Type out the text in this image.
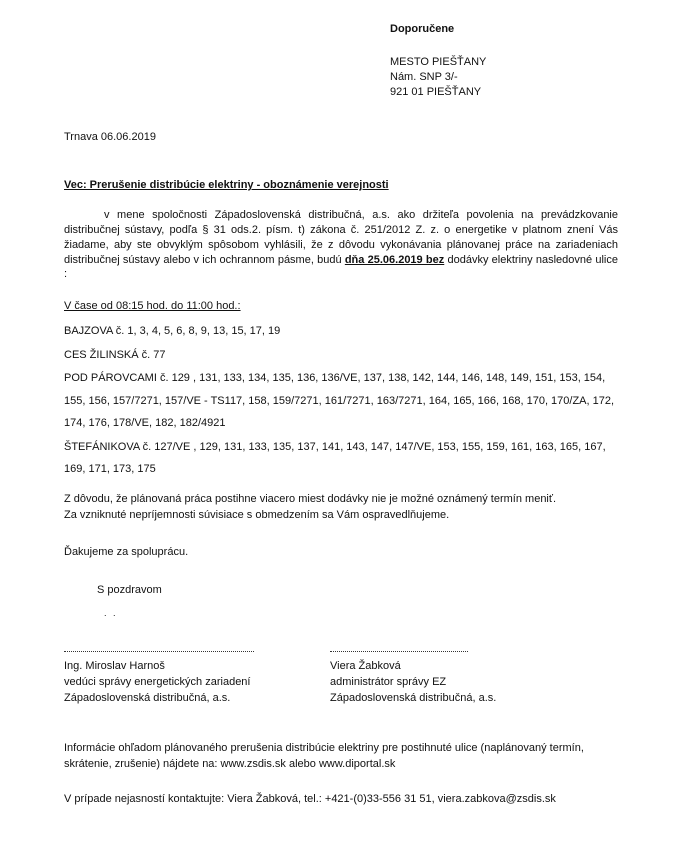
Doporučene
MESTO PIEŠŤANY
Nám. SNP 3/-
921 01 PIEŠŤANY
Trnava 06.06.2019
Vec: Prerušenie distribúcie elektriny - oboznámenie verejnosti
v mene spoločnosti Západoslovenská distribučná, a.s. ako držiteľa povolenia na prevádzkovanie distribučnej sústavy, podľa § 31 ods.2. písm. t) zákona č. 251/2012 Z. z. o energetike v platnom znení Vás žiadame, aby ste obvyklým spôsobom vyhlásili, že z dôvodu vykonávania plánovanej práce na zariadeniach distribučnej sústavy alebo v ich ochrannom pásme, budú dňa 25.06.2019 bez dodávky elektriny nasledovné ulice :
V čase od 08:15 hod. do 11:00 hod.:
BAJZOVA č. 1, 3, 4, 5, 6, 8, 9, 13, 15, 17, 19
CES ŽILINSKÁ č. 77
POD PÁROVCAMI č. 129 , 131, 133, 134, 135, 136, 136/VE, 137, 138, 142, 144, 146, 148, 149, 151, 153, 154, 155, 156, 157/7271, 157/VE - TS117, 158, 159/7271, 161/7271, 163/7271, 164, 165, 166, 168, 170, 170/ZA, 172, 174, 176, 178/VE, 182, 182/4921
ŠTEFÁNIKOVA č. 127/VE , 129, 131, 133, 135, 137, 141, 143, 147, 147/VE, 153, 155, 159, 161, 163, 165, 167, 169, 171, 173, 175
Z dôvodu, že plánovaná práca postihne viacero miest dodávky nie je možné oznámený termín meniť.
Za vzniknuté nepríjemnosti súvisiace s obmedzením sa Vám ospravedlňujeme.
Ďakujeme za spoluprácu.
S pozdravom
. .
Ing. Miroslav Harnoš
vedúci správy energetických zariadení
Západoslovenská distribučná, a.s.
Viera Žabková
administrátor správy EZ
Západoslovenská distribučná, a.s.
Informácie ohľadom plánovaného prerušenia distribúcie elektriny pre postihnuté ulice (naplánovaný termín, skrátenie, zrušenie) nájdete na: www.zsdis.sk alebo www.diportal.sk
V prípade nejasností kontaktujte: Viera Žabková, tel.: +421-(0)33-556 31 51, viera.zabkova@zsdis.sk
